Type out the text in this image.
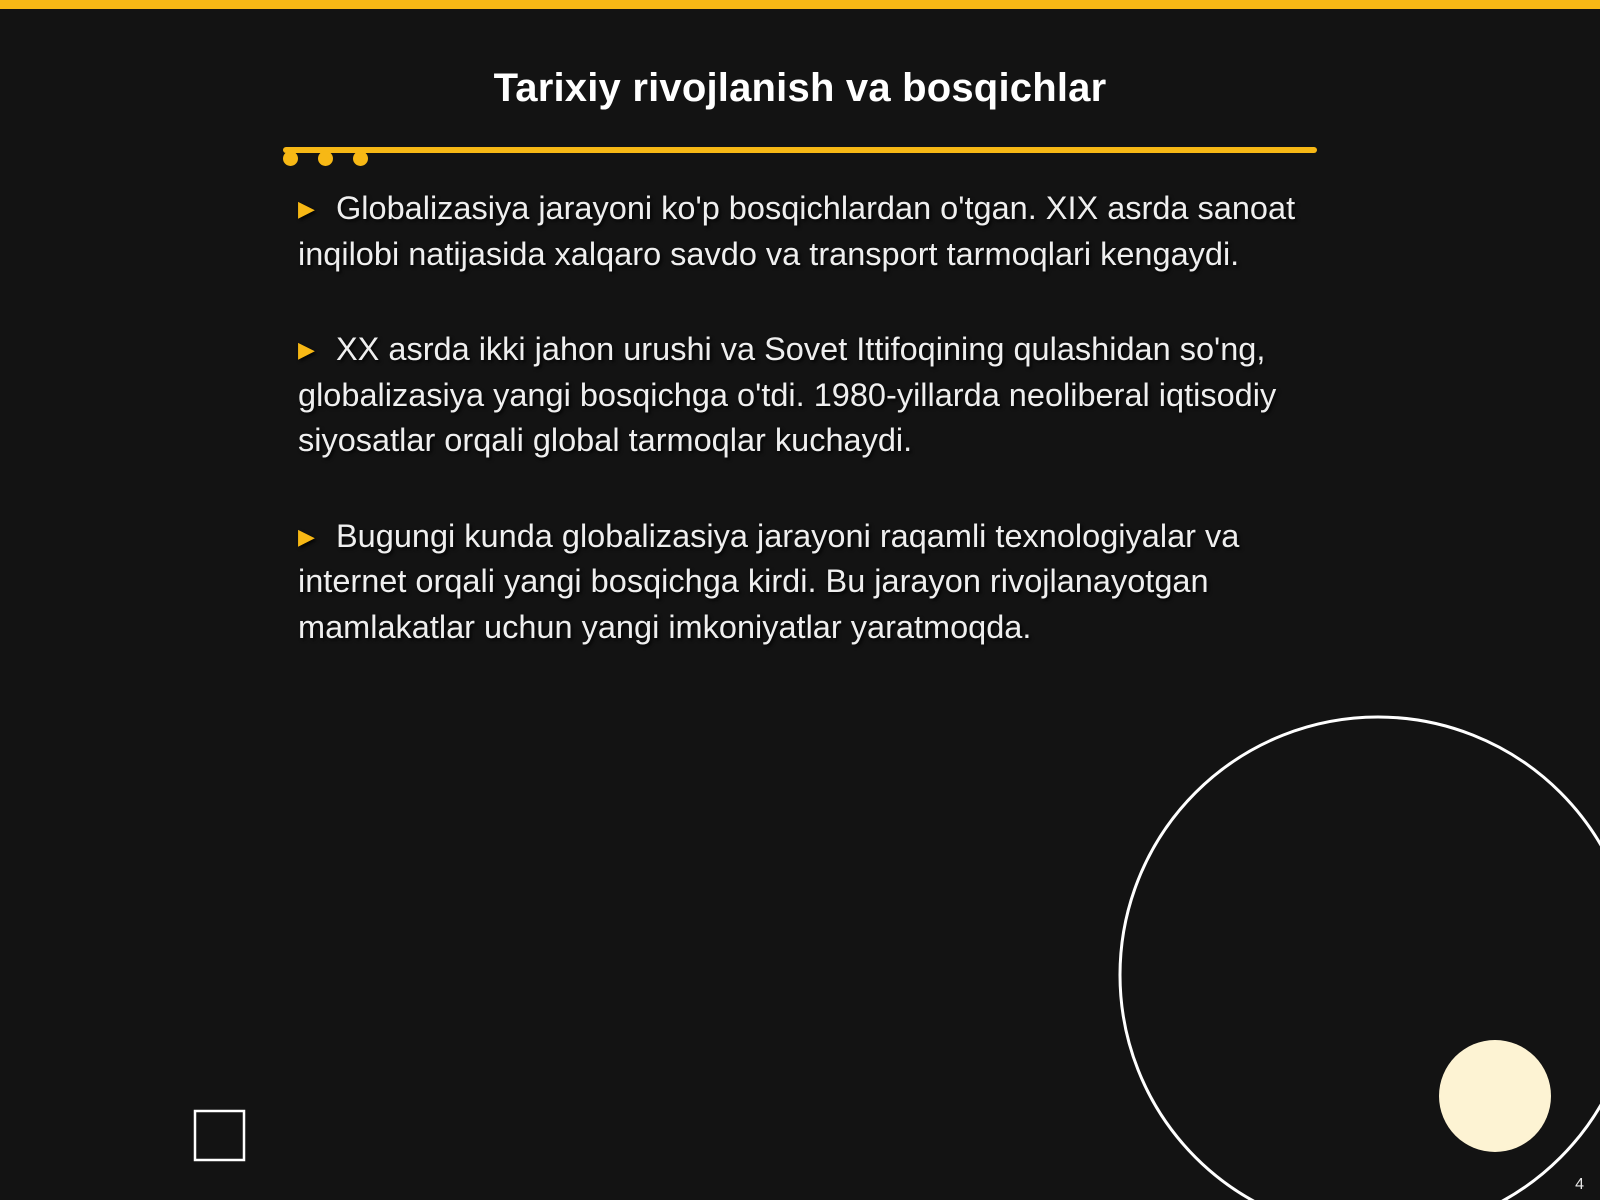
Tarixiy rivojlanish va bosqichlar

▶ Globalizasiya jarayoni ko'p bosqichlardan o'tgan. XIX asrda sanoat inqilobi natijasida xalqaro savdo va transport tarmoqlari kengaydi.

▶ XX asrda ikki jahon urushi va Sovet Ittifoqining qulashidan so'ng, globalizasiya yangi bosqichga o'tdi. 1980-yillarda neoliberal iqtisodiy siyosatlar orqali global tarmoqlar kuchaydi.

▶ Bugungi kunda globalizasiya jarayoni raqamli texnologiyalar va internet orqali yangi bosqichga kirdi. Bu jarayon rivojlanayotgan mamlakatlar uchun yangi imkoniyatlar yaratmoqda.

4
